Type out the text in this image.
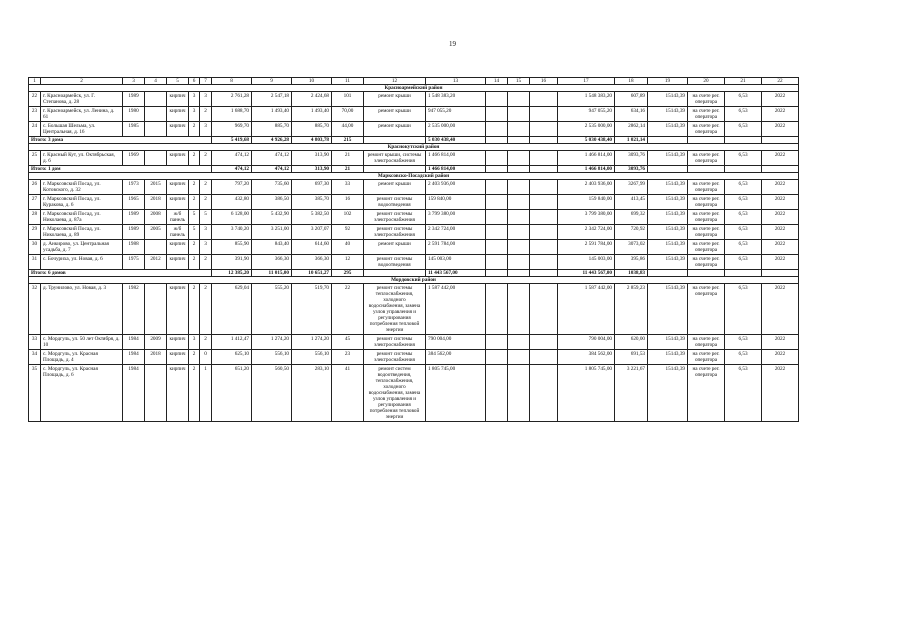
19
1	2	3	4	5	6	7	8	9	10	11	12	13	14	15	16	17	18	19	20	21	22
Красноармейский район																					
22	г. Красноармейск, ул. Г. Степанова, д. 28	1989		кирпич	3	3	2 761,28	2 547,18	2 424,68	101	ремонт крыши	1 548 383,20				1 548 383,20	607,89	15143,39	на счете рег. оператора	6,53	2022
23	г. Красноармейск, ул. Ленина, д. 61	1980		кирпич	3	2	1 688,70	1 493,40	1 493,40	70,00	ремонт крыши	947 055,20				947 055,20	634,16	15143,39	на счете рег. оператора	6,53	2022
24	с. Большая Шельма, ул. Центральная, д. 16	1985		кирпич	2	3	969,70	885,70	885,70	44,00	ремонт крыши	2 535 000,00				2 535 000,00	2862,14	15143,39	на счете рег. оператора	6,53	2022
Итого: 3 дома							5 419,68	4 926,28	4 803,78	215		5 030 438,40				5 030 438,40	1 021,14				
Краснокутский район																					
25	г. Красный Кут, ул. Октябрьская, д. 6	1969		кирпич	2	2	474,12	474,12	313,90	21	ремонт крыши, системы электроснабжения	1 466 814,00				1 466 814,00	3093,76	15143,39	на счете рег. оператора	6,53	2022
Итого: 1 дом							474,12	474,12	313,90	21		1 466 814,00				1 466 814,00	3093,76				
Марксовско-Посадский район																					
26	г. Марксовский Посад, ул. Котовского, д. 32	1973	2015	кирпич	2	2	797,20	735,60	697,30	33	ремонт крыши	2 403 936,00				2 403 936,00	3267,99	15143,39	на счете рег. оператора	6,53	2022
27	г. Марксовский Посад, ул. Куракова, д. 6	1965	2018	кирпич	2	2	432,80	386,50	385,70	16	ремонт системы водоотведения	159 840,00				159 840,00	413,45	15143,39	на счете рег. оператора	6,53	2022
28	г. Марксовский Посад, ул. Николаева, д. 87а	1989	2008	ж/б панель	5	5	6 128,00	5 432,90	5 382,50	102	ремонт системы электроснабжения	3 799 380,00				3 799 380,00	699,32	15143,39	на счете рег. оператора	6,53	2022
29	г. Марксовский Посад, ул. Николаева, д. 89	1989	2005	ж/б панель	5	3	3 740,20	3 251,00	3 207,07	92	ремонт системы электроснабжения	2 342 724,00				2 342 724,00	720,92	15143,39	на счете рег. оператора	6,53	2022
30	д. Анкирово, ул. Центральная усадьба, д. 7	1988		кирпич	2	3	855,90	843,40	614,60	40	ремонт крыши	2 591 784,00				2 591 784,00	3073,02	15143,39	на счете рег. оператора	6,53	2022
31	с. Бочуриха, ул. Новая, д. 6	1975	2012	кирпич	2	2	391,90	366,30	366,30	12	ремонт системы водоотведения	145 003,00				145 003,00	395,86	15143,39	на счете рег. оператора	6,53	2022
Итого: 6 домов							12 385,20	11 015,00	10 651,27	295		11 443 567,00				11 443 567,00	1038,83				
Мордовский район																					
32	д. Трунилово, ул. Новая, д. 3	1982		кирпич	2	2	629,04	555,20	519,70	22	ремонт системы теплоснабжения, холодного водоснабжения, замена узлов управления и регулирования потребления тепловой энергии	1 587 442,00				1 587 442,00	2 859,23	15143,39	на счете рег. оператора	6,53	2022
33	с. Мордгуль, ул. 50 лет Октября, д. 10	1984	2009	кирпич	3	2	1 412,47	1 274,20	1 274,20	45	ремонт системы электроснабжения	790 004,00				790 004,00	620,00	15143,39	на счете рег. оператора	6,53	2022
34	с. Мордгуль, ул. Красная Площадь, д. 4	1984	2018	кирпич	2	0	625,10	556,10	556,10	23	ремонт системы электроснабжения	384 562,00				384 562,00	691,53	15143,39	на счете рег. оператора	6,53	2022
35	с. Мордгуль, ул. Красная Площадь, д. 6	1984		кирпич	2	1	651,20	560,50	283,10	41	ремонт систем водоотведения, теплоснабжения, холодного водоснабжения, замена узлов управления и регулирования потребления тепловой энергии	1 805 745,00				1 805 745,00	3 221,67	15143,39	на счете рег. оператора	6,53	2022
